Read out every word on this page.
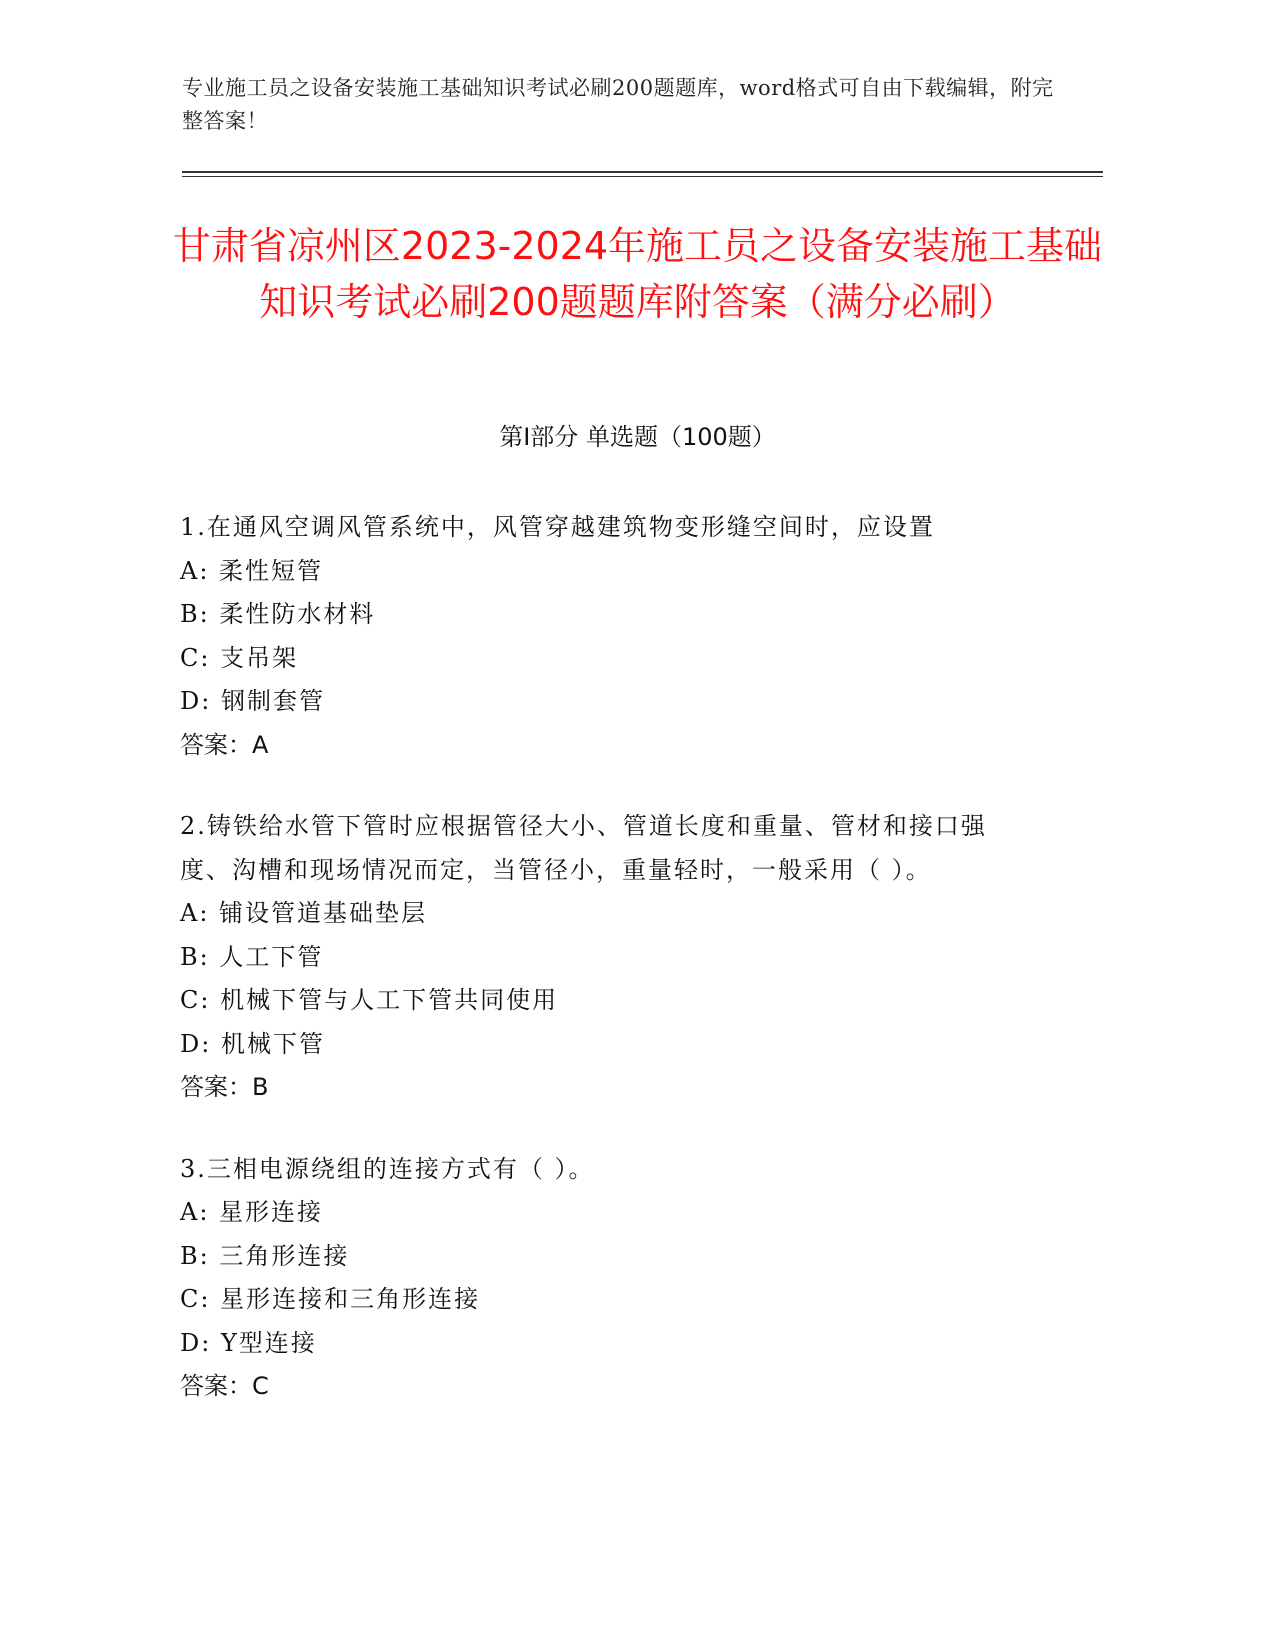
专业施工员之设备安装施工基础知识考试必刷200题题库，word格式可自由下载编辑，附完整答案！
甘肃省凉州区2023-2024年施工员之设备安装施工基础知识考试必刷200题题库附答案（满分必刷）
第I部分 单选题（100题）
1.在通风空调风管系统中，风管穿越建筑物变形缝空间时，应设置
A: 柔性短管
B: 柔性防水材料
C: 支吊架
D: 钢制套管
答案：A
2.铸铁给水管下管时应根据管径大小、管道长度和重量、管材和接口强度、沟槽和现场情况而定，当管径小，重量轻时，一般采用（ ）。
A: 铺设管道基础垫层
B: 人工下管
C: 机械下管与人工下管共同使用
D: 机械下管
答案：B
3.三相电源绕组的连接方式有（ ）。
A: 星形连接
B: 三角形连接
C: 星形连接和三角形连接
D: Y型连接
答案：C
